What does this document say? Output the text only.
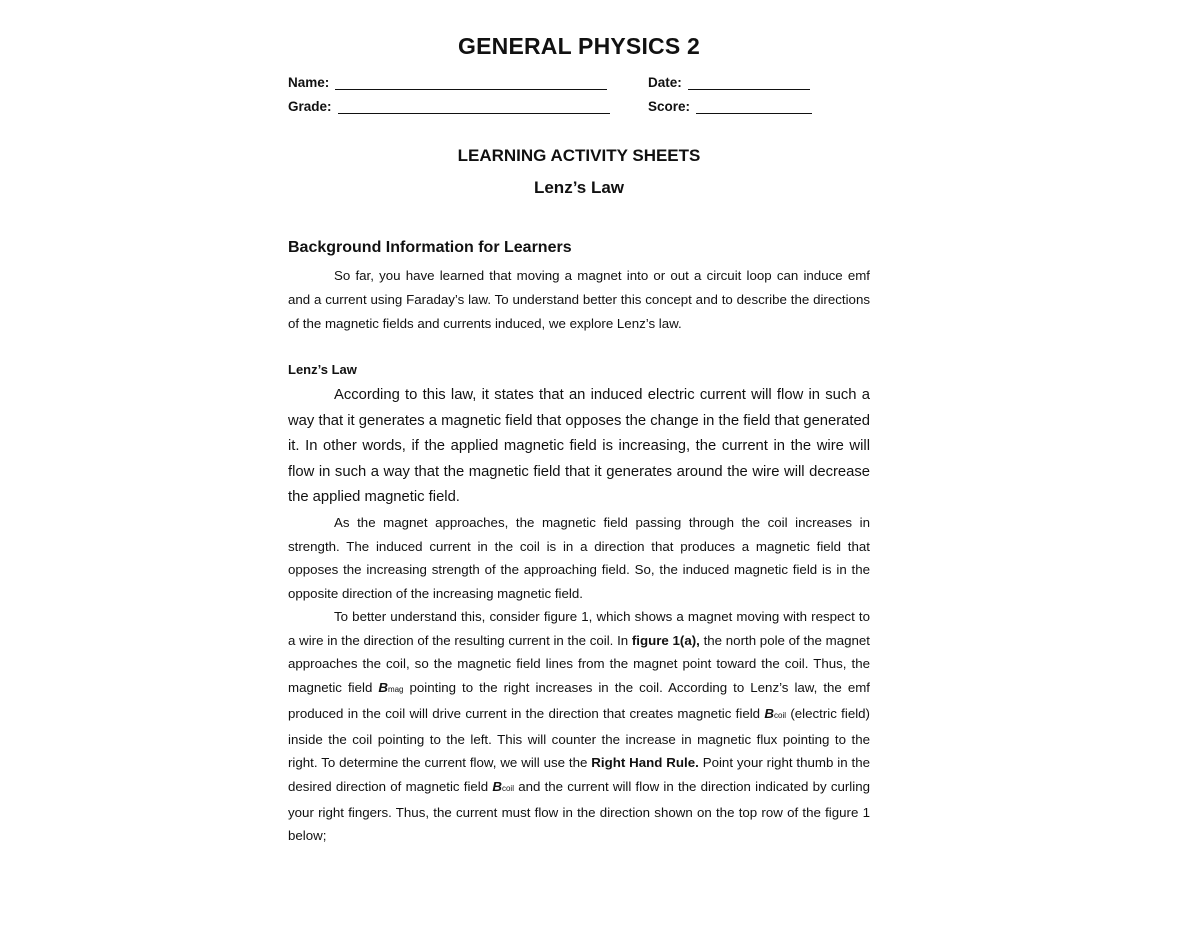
GENERAL PHYSICS 2
Name:	Date:
Grade:	Score:
LEARNING ACTIVITY SHEETS
Lenz’s Law
Background Information for Learners

So far, you have learned that moving a magnet into or out a circuit loop can induce emf and a current using Faraday’s law. To understand better this concept and to describe the directions of the magnetic fields and currents induced, we explore Lenz’s law.

Lenz’s Law

According to this law, it states that an induced electric current will flow in such a way that it generates a magnetic field that opposes the change in the field that generated it. In other words, if the applied magnetic field is increasing, the current in the wire will flow in such a way that the magnetic field that it generates around the wire will decrease the applied magnetic field.

As the magnet approaches, the magnetic field passing through the coil increases in strength. The induced current in the coil is in a direction that produces a magnetic field that opposes the increasing strength of the approaching field. So, the induced magnetic field is in the opposite direction of the increasing magnetic field.

To better understand this, consider figure 1, which shows a magnet moving with respect to a wire in the direction of the resulting current in the coil. In figure 1(a), the north pole of the magnet approaches the coil, so the magnetic field lines from the magnet point toward the coil. Thus, the magnetic field Bmag pointing to the right increases in the coil. According to Lenz’s law, the emf produced in the coil will drive current in the direction that creates magnetic field Bcoil (electric field) inside the coil pointing to the left. This will counter the increase in magnetic flux pointing to the right. To determine the current flow, we will use the Right Hand Rule. Point your right thumb in the desired direction of magnetic field Bcoil and the current will flow in the direction indicated by curling your right fingers. Thus, the current must flow in the direction shown on the top row of the figure 1 below;
